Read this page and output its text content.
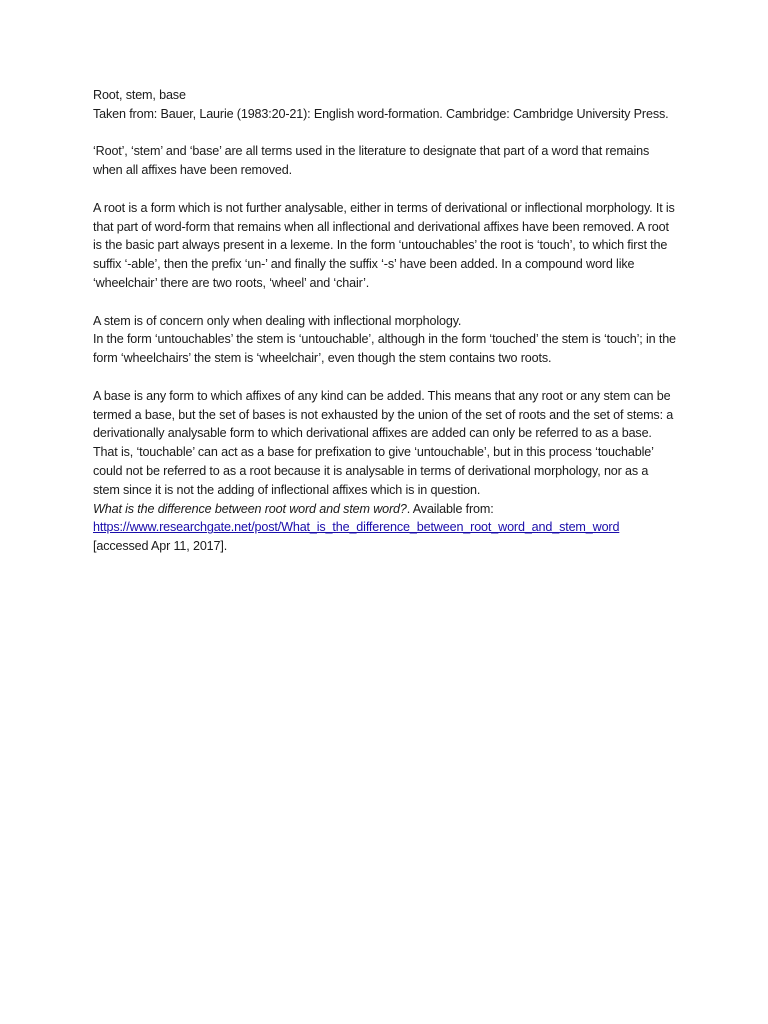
Root, stem, base

Taken from: Bauer, Laurie (1983:20-21): English word-formation. Cambridge: Cambridge University Press.

‘Root’, ‘stem’ and ‘base’ are all terms used in the literature to designate that part of a word that remains when all affixes have been removed.

A root is a form which is not further analysable, either in terms of derivational or inflectional morphology. It is that part of word-form that remains when all inflectional and derivational affixes have been removed. A root is the basic part always present in a lexeme. In the form ‘untouchables’ the root is ‘touch’, to which first the suffix ‘-able’, then the prefix ‘un-’ and finally the suffix ‘-s’ have been added. In a compound word like ‘wheelchair’ there are two roots, ‘wheel’ and ‘chair’.

A stem is of concern only when dealing with inflectional morphology.

In the form ‘untouchables’ the stem is ‘untouchable’, although in the form ‘touched’ the stem is ‘touch’; in the form ‘wheelchairs’ the stem is ‘wheelchair’, even though the stem contains two roots.

A base is any form to which affixes of any kind can be added. This means that any root or any stem can be termed a base, but the set of bases is not exhausted by the union of the set of roots and the set of stems: a derivationally analysable form to which derivational affixes are added can only be referred to as a base. That is, ‘touchable’ can act as a base for prefixation to give ‘untouchable’, but in this process ‘touchable’ could not be referred to as a root because it is analysable in terms of derivational morphology, nor as a stem since it is not the adding of inflectional affixes which is in question.

What is the difference between root word and stem word?. Available from:

https://www.researchgate.net/post/What_is_the_difference_between_root_word_and_stem_word

[accessed Apr 11, 2017].
